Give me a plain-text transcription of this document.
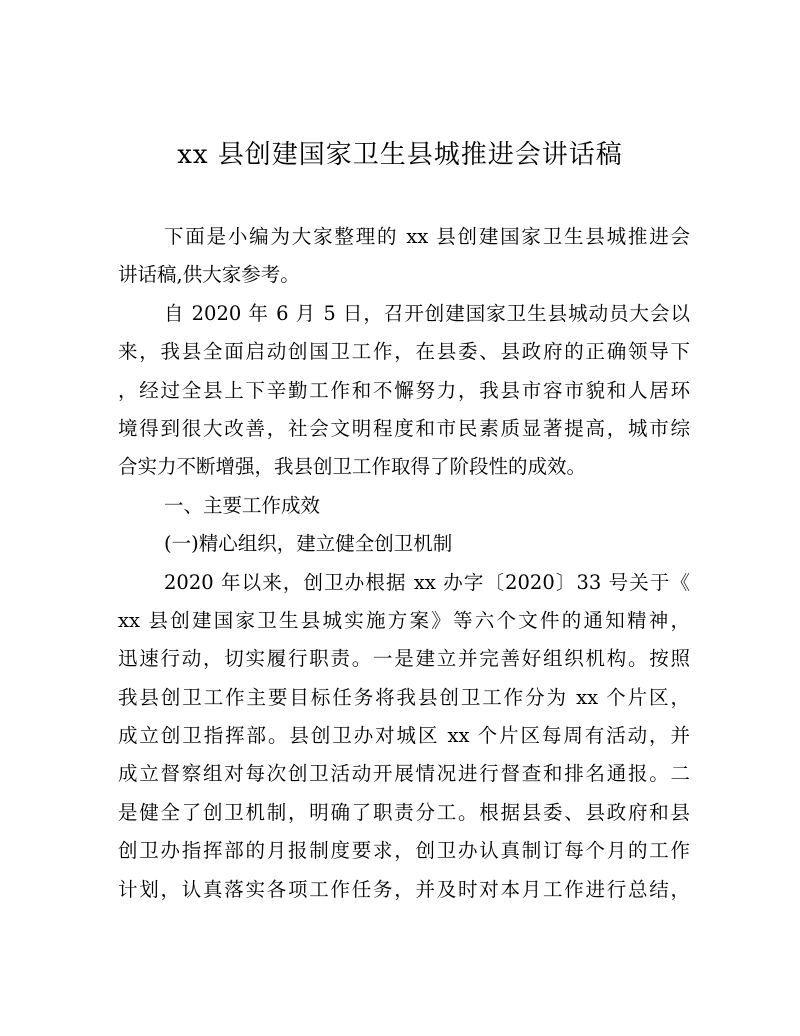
xx 县创建国家卫生县城推进会讲话稿
下面是小编为大家整理的 xx 县创建国家卫生县城推进会
讲话稿,供大家参考。
自 2020 年 6 月 5 日，召开创建国家卫生县城动员大会以
来，我县全面启动创国卫工作，在县委、县政府的正确领导下
，经过全县上下辛勤工作和不懈努力，我县市容市貌和人居环
境得到很大改善，社会文明程度和市民素质显著提高，城市综
合实力不断增强，我县创卫工作取得了阶段性的成效。
一、主要工作成效
(一)精心组织，建立健全创卫机制
2020 年以来，创卫办根据 xx 办字〔2020〕33 号关于《
xx 县创建国家卫生县城实施方案》等六个文件的通知精神，
迅速行动，切实履行职责。一是建立并完善好组织机构。按照
我县创卫工作主要目标任务将我县创卫工作分为 xx 个片区，
成立创卫指挥部。县创卫办对城区 xx 个片区每周有活动，并
成立督察组对每次创卫活动开展情况进行督查和排名通报。二
是健全了创卫机制，明确了职责分工。根据县委、县政府和县
创卫办指挥部的月报制度要求，创卫办认真制订每个月的工作
计划，认真落实各项工作任务，并及时对本月工作进行总结，
